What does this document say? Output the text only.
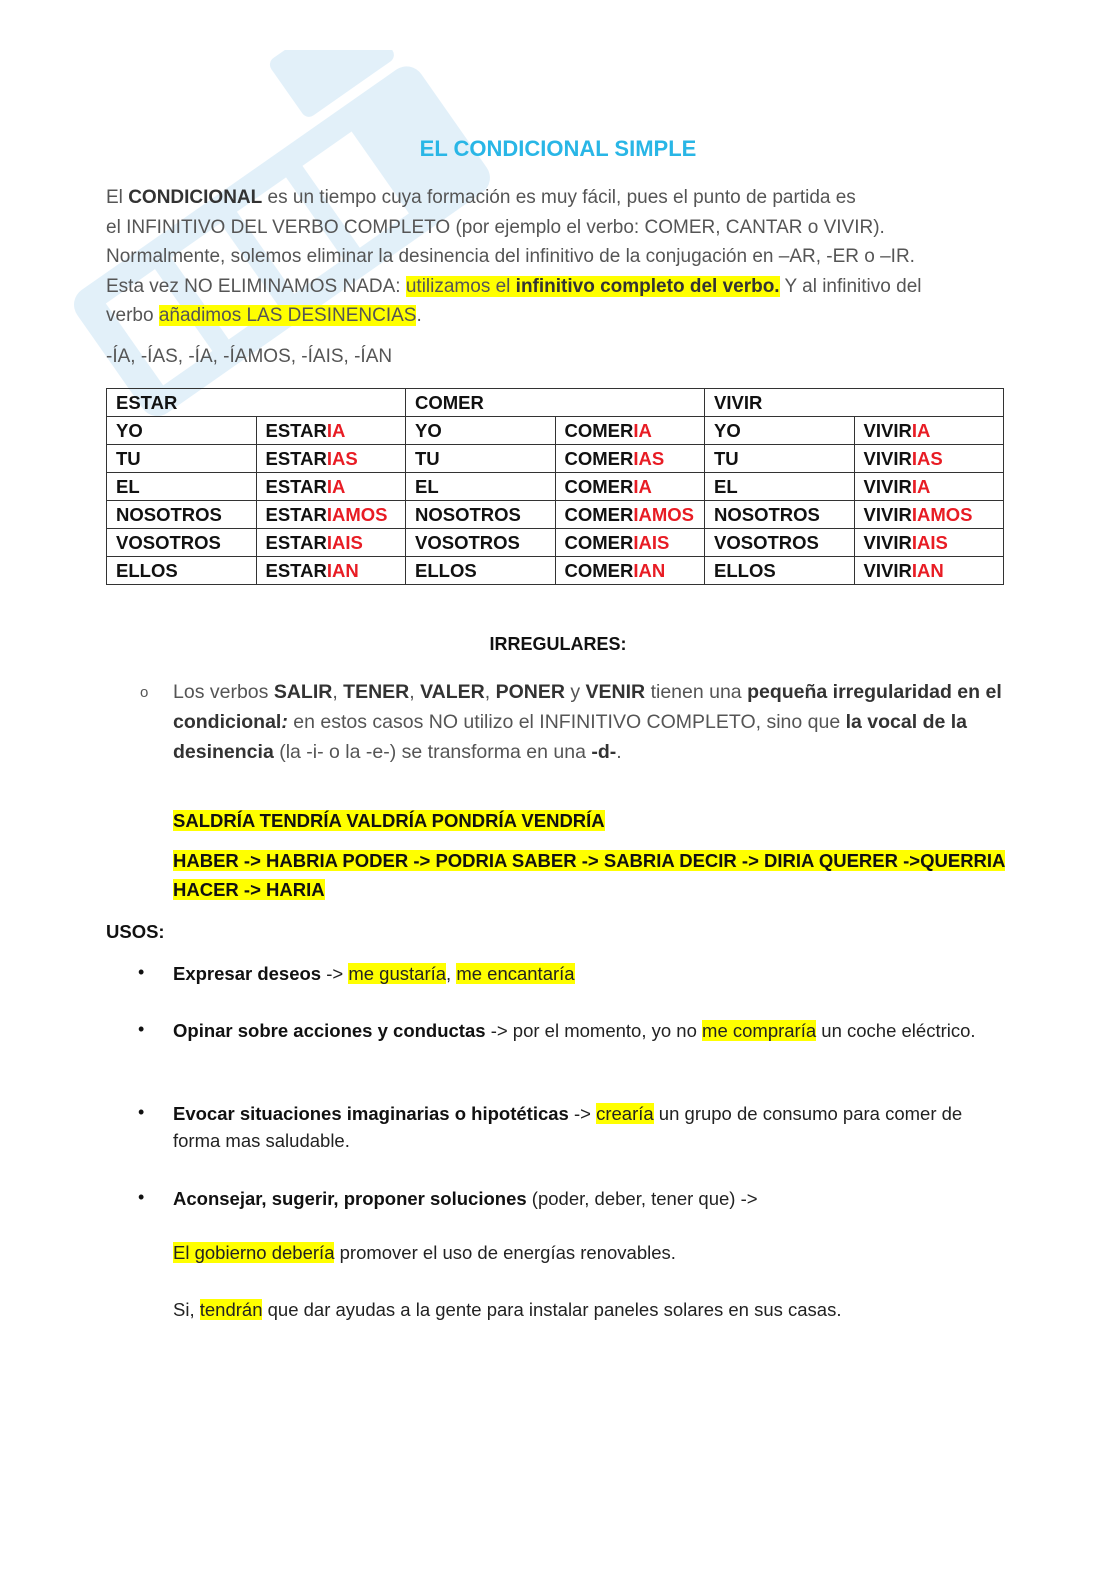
EL CONDICIONAL SIMPLE
El CONDICIONAL es un tiempo cuya formación es muy fácil, pues el punto de partida es
el INFINITIVO DEL VERBO COMPLETO (por ejemplo el verbo: COMER, CANTAR o VIVIR).
Normalmente, solemos eliminar la desinencia del infinitivo de la conjugación en –AR, -ER o –IR.
Esta vez NO ELIMINAMOS NADA: utilizamos el infinitivo completo del verbo. Y al infinitivo del
verbo añadimos LAS DESINENCIAS.
-ÍA, -ÍAS, -ÍA, -ÍAMOS, -ÍAIS, -ÍAN
ESTAR		COMER		VIVIR	
YO	ESTARIA	YO	COMERIA	YO	VIVIRIA
TU	ESTARIAS	TU	COMERIAS	TU	VIVIRIAS
EL	ESTARIA	EL	COMERIA	EL	VIVIRIA
NOSOTROS	ESTARIAMOS	NOSOTROS	COMERIAMOS	NOSOTROS	VIVIRIAMOS
VOSOTROS	ESTARIAIS	VOSOTROS	COMERIAIS	VOSOTROS	VIVIRIAIS
ELLOS	ESTARIAN	ELLOS	COMERIAN	ELLOS	VIVIRIAN
IRREGULARES:
o Los verbos SALIR, TENER, VALER, PONER y VENIR tienen una pequeña irregularidad en el condicional: en estos casos NO utilizo el INFINITIVO COMPLETO, sino que la vocal de la desinencia (la -i- o la -e-) se transforma en una -d-.
SALDRÍA TENDRÍA VALDRÍA PONDRÍA VENDRÍA
HABER -> HABRIA PODER -> PODRIA SABER -> SABRIA DECIR -> DIRIA QUERER ->QUERRIA
HACER -> HARIA
USOS:
• Expresar deseos -> me gustaría, me encantaría
• Opinar sobre acciones y conductas -> por el momento, yo no me compraría un coche eléctrico.
• Evocar situaciones imaginarias o hipotéticas -> crearía un grupo de consumo para comer de forma mas saludable.
• Aconsejar, sugerir, proponer soluciones (poder, deber, tener que) ->
El gobierno debería promover el uso de energías renovables.
Si, tendrán que dar ayudas a la gente para instalar paneles solares en sus casas.
